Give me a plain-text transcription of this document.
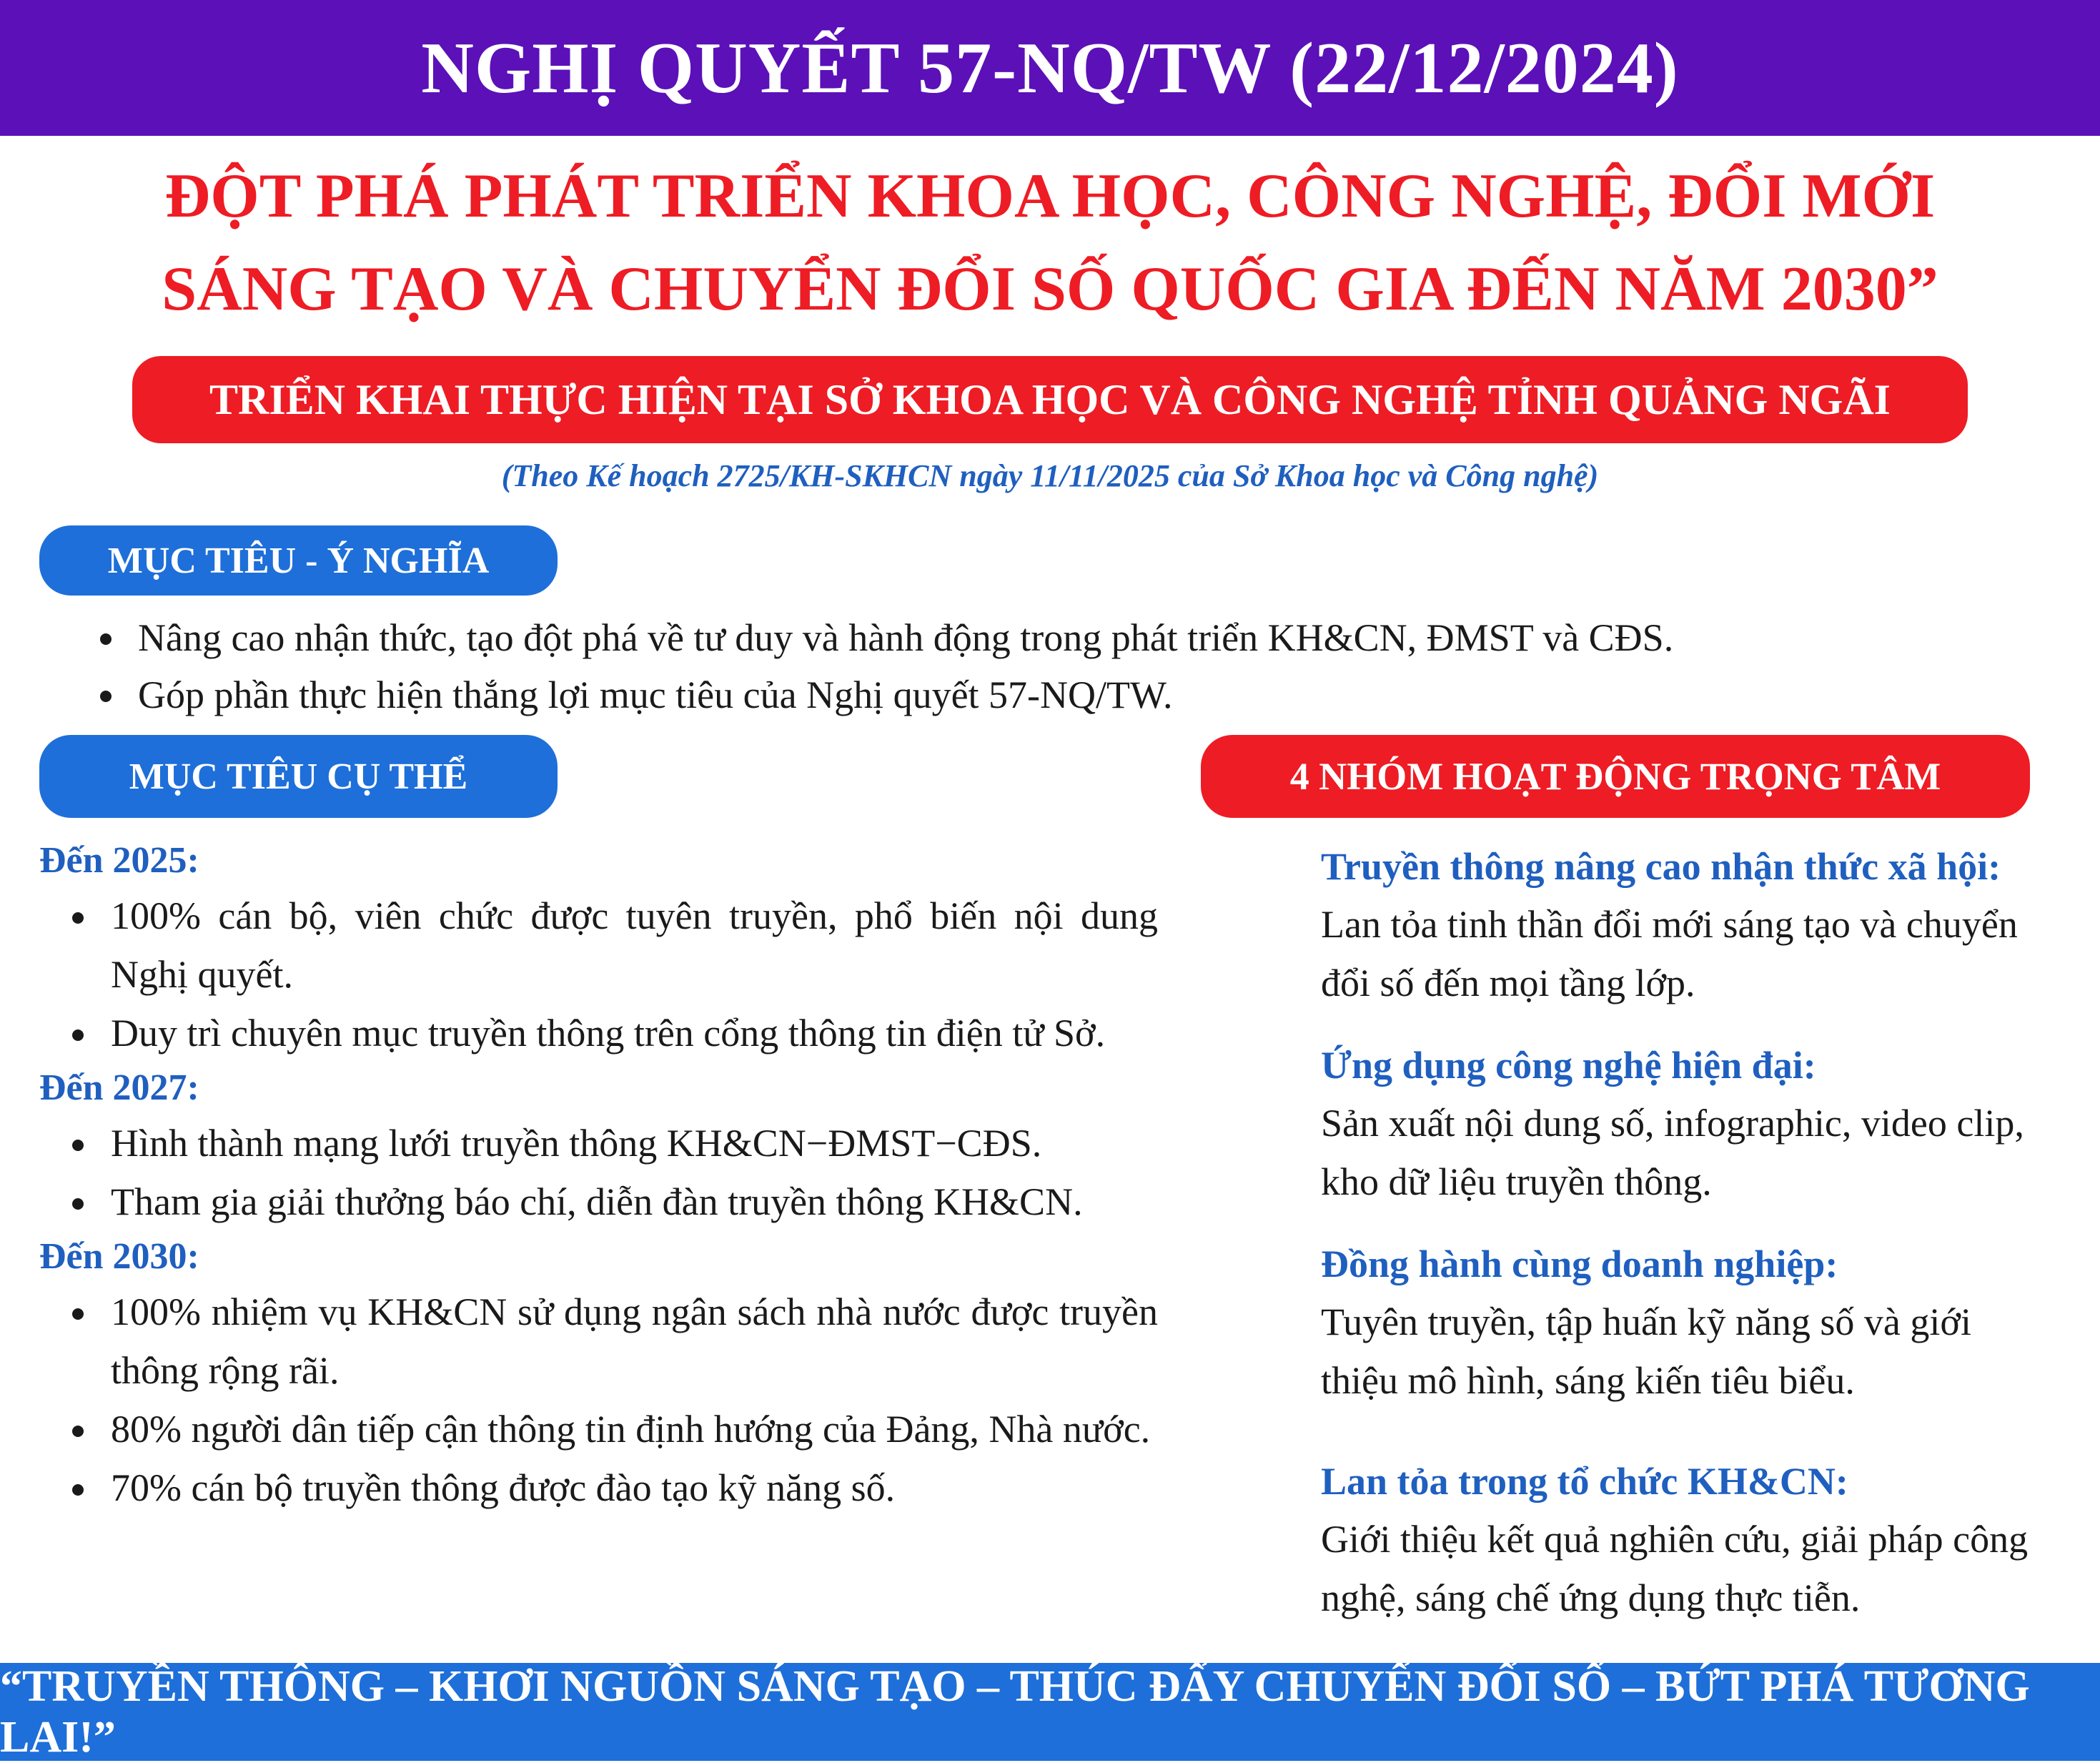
NGHỊ QUYẾT 57-NQ/TW (22/12/2024)
ĐỘT PHÁ PHÁT TRIỂN KHOA HỌC, CÔNG NGHỆ, ĐỔI MỚI
SÁNG TẠO VÀ CHUYỂN ĐỔI SỐ QUỐC GIA ĐẾN NĂM 2030”
TRIỂN KHAI THỰC HIỆN TẠI SỞ KHOA HỌC VÀ CÔNG NGHỆ TỈNH QUẢNG NGÃI
(Theo Kế hoạch 2725/KH-SKHCN ngày 11/11/2025 của Sở Khoa học và Công nghệ)
MỤC TIÊU - Ý NGHĨA
Nâng cao nhận thức, tạo đột phá về tư duy và hành động trong phát triển KH&CN, ĐMST và CĐS.
Góp phần thực hiện thắng lợi mục tiêu của Nghị quyết 57-NQ/TW.
MỤC TIÊU CỤ THỂ	4 NHÓM HOẠT ĐỘNG TRỌNG TÂM
Đến 2025:
100% cán bộ, viên chức được tuyên truyền, phổ biến nội dung Nghị quyết.
Duy trì chuyên mục truyền thông trên cổng thông tin điện tử Sở.
Đến 2027:
Hình thành mạng lưới truyền thông KH&CN−ĐMST−CĐS.
Tham gia giải thưởng báo chí, diễn đàn truyền thông KH&CN.
Đến 2030:
100% nhiệm vụ KH&CN sử dụng ngân sách nhà nước được truyền thông rộng rãi.
80% người dân tiếp cận thông tin định hướng của Đảng, Nhà nước.
70% cán bộ truyền thông được đào tạo kỹ năng số.
Truyền thông nâng cao nhận thức xã hội:
Lan tỏa tinh thần đổi mới sáng tạo và chuyển đổi số đến mọi tầng lớp.
Ứng dụng công nghệ hiện đại:
Sản xuất nội dung số, infographic, video clip, kho dữ liệu truyền thông.
Đồng hành cùng doanh nghiệp:
Tuyên truyền, tập huấn kỹ năng số và giới thiệu mô hình, sáng kiến tiêu biểu.
Lan tỏa trong tổ chức KH&CN:
Giới thiệu kết quả nghiên cứu, giải pháp công nghệ, sáng chế ứng dụng thực tiễn.
“TRUYỀN THÔNG – KHƠI NGUỒN SÁNG TẠO – THÚC ĐẨY CHUYỂN ĐỔI SỐ – BỨT PHÁ TƯƠNG LAI!”
